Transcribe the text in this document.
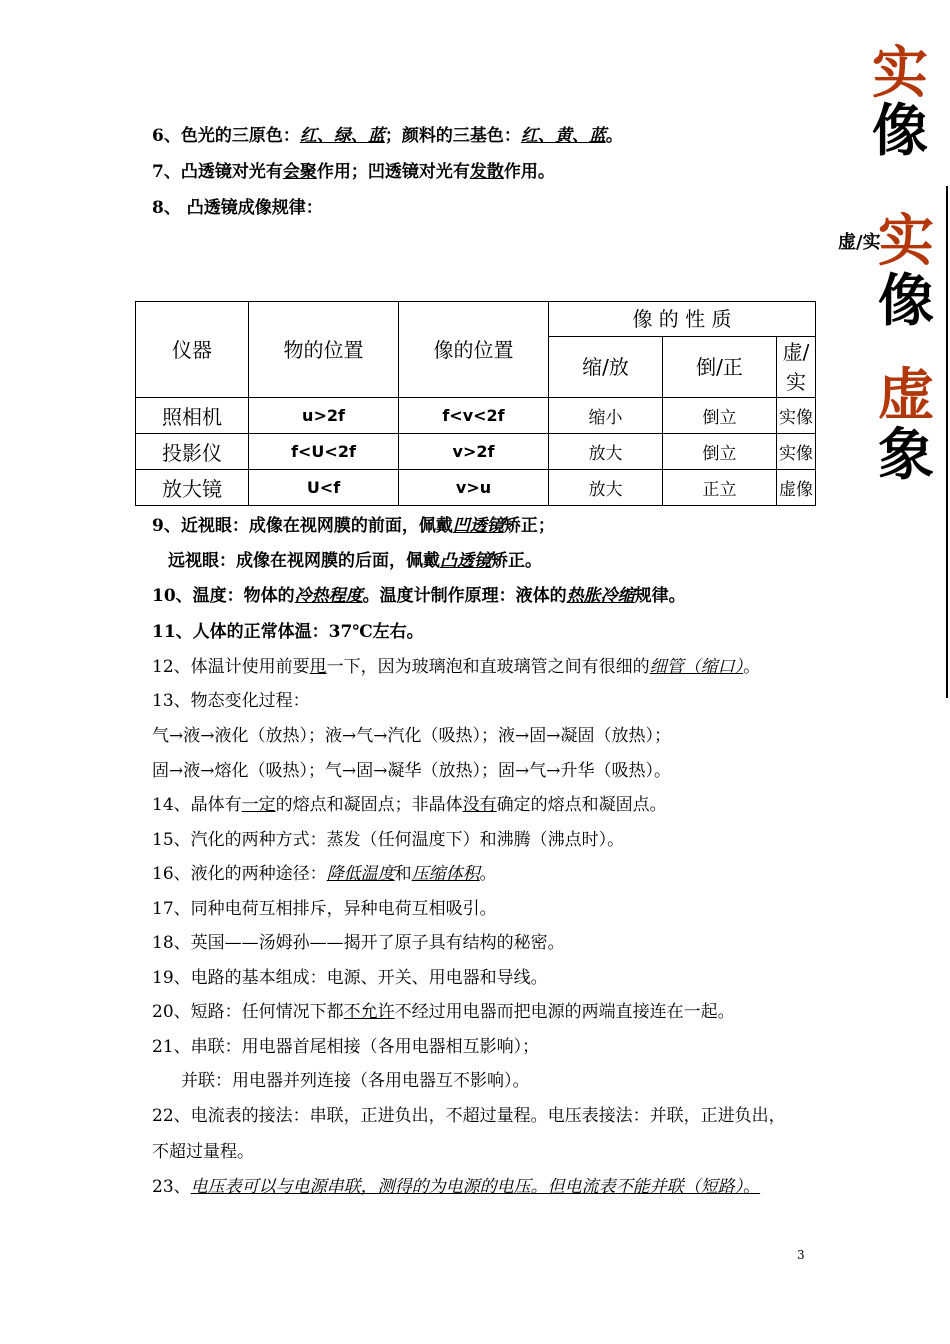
实
像
虚/实
实
像
虚
象
6、色光的三原色：红、绿、蓝；颜料的三基色：红、黄、蓝。
7、凸透镜对光有会聚作用；凹透镜对光有发散作用。
8、 凸透镜成像规律：
仪器	物的位置	像的位置	像 的 性 质		
			缩/放	倒/正	虚/实
照相机	u>2f	f<v<2f	缩小	倒立	实像
投影仪	f<U<2f	v>2f	放大	倒立	实像
放大镜	U<f	v>u	放大	正立	虚像
9、近视眼：成像在视网膜的前面，佩戴凹透镜矫正；
远视眼：成像在视网膜的后面，佩戴凸透镜矫正。
10、温度：物体的冷热程度。温度计制作原理：液体的热胀冷缩规律。
11、人体的正常体温：37℃左右。
12、体温计使用前要甩一下，因为玻璃泡和直玻璃管之间有很细的细管（缩口）。
13、物态变化过程：
气→液→液化（放热）；液→气→汽化（吸热）；液→固→凝固（放热）；
固→液→熔化（吸热）；气→固→凝华（放热）；固→气→升华（吸热）。
14、晶体有一定的熔点和凝固点；非晶体没有确定的熔点和凝固点。
15、汽化的两种方式：蒸发（任何温度下）和沸腾（沸点时）。
16、液化的两种途径：降低温度和压缩体积。
17、同种电荷互相排斥，异种电荷互相吸引。
18、英国——汤姆孙——揭开了原子具有结构的秘密。
19、电路的基本组成：电源、开关、用电器和导线。
20、短路：任何情况下都不允许不经过用电器而把电源的两端直接连在一起。
21、串联：用电器首尾相接（各用电器相互影响）；
并联：用电器并列连接（各用电器互不影响）。
22、电流表的接法：串联，正进负出，不超过量程。电压表接法：并联，正进负出，
不超过量程。
23、电压表可以与电源串联，测得的为电源的电压。但电流表不能并联（短路）。
3
